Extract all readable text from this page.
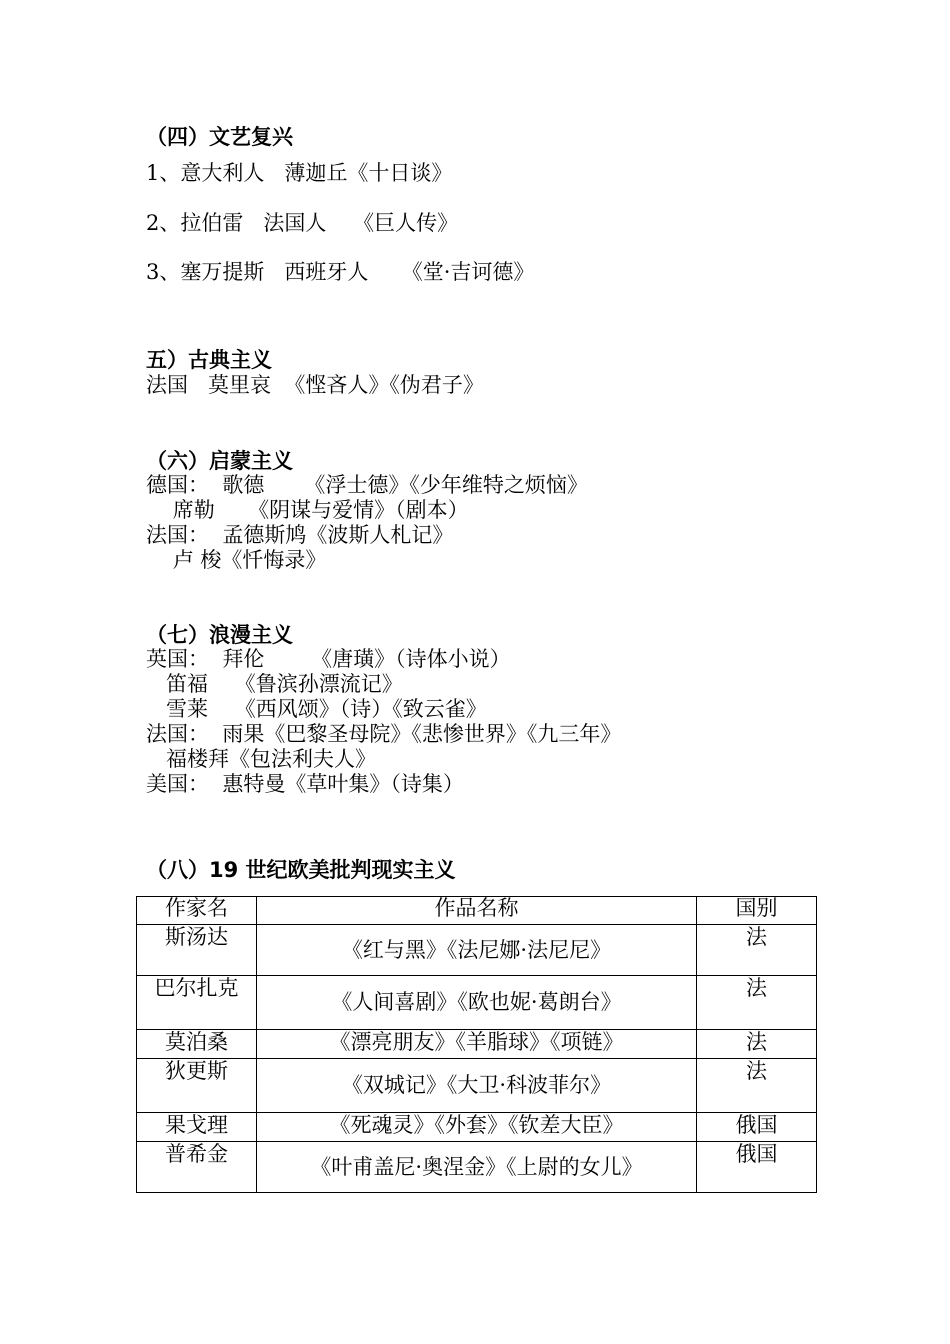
（四）文艺复兴
1、意大利人   薄迦丘《十日谈》
2、拉伯雷   法国人    《巨人传》
3、塞万提斯   西班牙人     《堂·吉诃德》
五）古典主义
法国   莫里哀  《悭吝人》《伪君子》
（六）启蒙主义
德国：  歌德      《浮士德》《少年维特之烦恼》
席勒     《阴谋与爱情》（剧本）
法国：  孟德斯鸠《波斯人札记》
卢 梭《忏悔录》
（七）浪漫主义
英国：  拜伦       《唐璜》（诗体小说）
笛福    《鲁滨孙漂流记》
雪莱    《西风颂》（诗）《致云雀》
法国：  雨果《巴黎圣母院》《悲惨世界》《九三年》
福楼拜《包法利夫人》
美国：  惠特曼《草叶集》（诗集）
（八）19 世纪欧美批判现实主义
作家名	作品名称	国别
斯汤达	《红与黑》《法尼娜·法尼尼》	法
巴尔扎克	《人间喜剧》《欧也妮·葛朗台》	法
莫泊桑	《漂亮朋友》《羊脂球》《项链》	法
狄更斯	《双城记》《大卫·科波菲尔》	法
果戈理	《死魂灵》《外套》《钦差大臣》	俄国
普希金	《叶甫盖尼·奥涅金》《上尉的女儿》	俄国
